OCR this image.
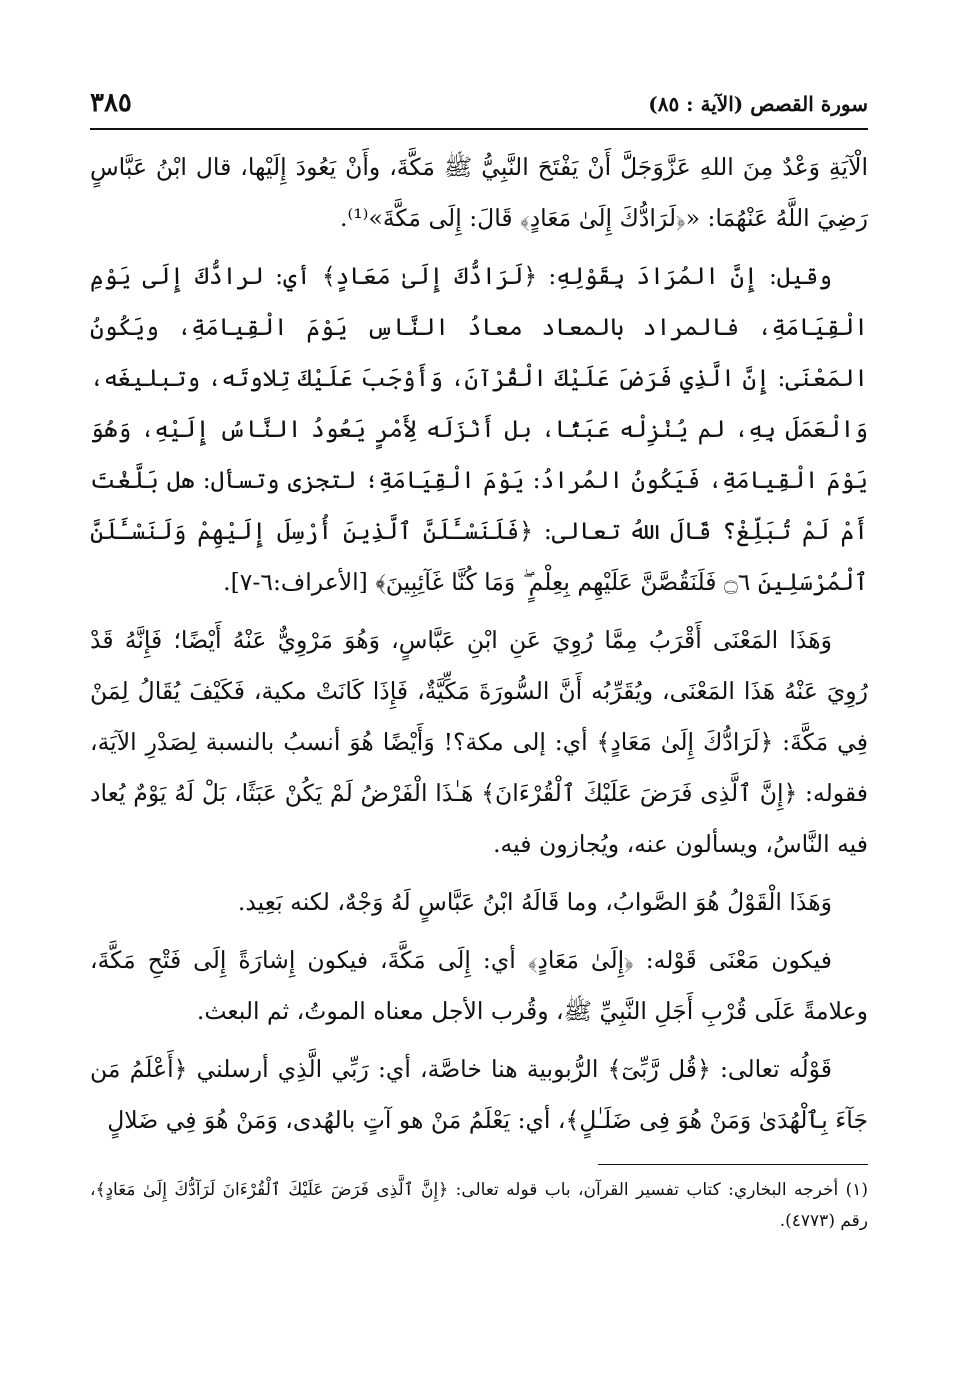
سورة القصص (الآية : ٨٥)
٣٨٥

الْآيَةِ وَعْدٌ مِنَ اللهِ عَزَّوَجَلَّ أَنْ يَفْتَحَ النَّبِيُّ ﷺ مَكَّةَ، وأَنْ يَعُودَ إِلَيْها، قال ابْنُ عَبَّاسٍ رَضِيَ اللَّهُ عَنْهُمَا: «﴿لَرَادُّكَ إِلَىٰ مَعَادٍ﴾ قَالَ: إِلَى مَكَّةَ»⁽¹⁾.

وقيل: إِنَّ المُرَادَ بِقَوْلِهِ: ﴿لَرَادُّكَ إِلَىٰ مَعَادٍ﴾ أي: لرادُّكَ إِلَى يَوْمِ الْقِيَامَةِ، فالمراد بالمعاد معادُ النَّاسِ يَوْمَ الْقِيامَةِ، ويَكُونُ المَعْنَى: إِنَّ الَّذِي فَرَضَ عَلَيْكَ الْقُرْآنَ، وَأَوْجَبَ عَلَيْكَ تِلاوتَه، وتبليغَه، وَالْعَمَلَ بِهِ، لم يُنْزِلْه عَبَثًا، بل أَنْزَلَه لِأَمْرٍ يَعُودُ النَّاسُ إِلَيْهِ، وَهُوَ يَوْمَ الْقِيامَةِ، فَيَكُونُ المُرادُ: يَوْمَ الْقِيَامَةِ؛ لتجزى وتسأل: هل بَلَّغْتَ أَمْ لَمْ تُبَلِّغْ؟ قَالَ اللهُ تعالى: ﴿فَلَنَسْـَٔلَنَّ ٱلَّذِينَ أُرْسِلَ إِلَيْهِمْ وَلَنَسْـَٔلَنَّ ٱلْمُرْسَلِينَ ۝٦ فَلَنَقُصَّنَّ عَلَيْهِم بِعِلْمٍ ۖ وَمَا كُنَّا غَآئِبِينَ﴾ [الأعراف:٦-٧].

وَهَذَا المَعْنَى أَقْرَبُ مِمَّا رُوِيَ عَنِ ابْنِ عَبَّاسٍ، وَهُوَ مَرْوِيٌّ عَنْهُ أَيْضًا؛ فَإِنَّهُ قَدْ رُوِيَ عَنْهُ هَذَا المَعْنَى، ويُقَرِّبُه أَنَّ السُّورَةَ مَكِّيَّةٌ، فَإِذَا كَانَتْ مكية، فَكَيْفَ يُقَالُ لِمَنْ فِي مَكَّةَ: ﴿لَرَادُّكَ إِلَىٰ مَعَادٍ﴾ أي: إلى مكة؟! وَأَيْضًا هُوَ أنسبُ بالنسبة لِصَدْرِ الآيَة، فقوله: ﴿إِنَّ ٱلَّذِى فَرَضَ عَلَيْكَ ٱلْقُرْءَانَ﴾ هَـٰذَا الْفَرْضُ لَمْ يَكُنْ عَبَثًا، بَلْ لَهُ يَوْمٌ يُعاد فيه النَّاسُ، ويسألون عنه، ويُجازون فيه.

وَهَذَا الْقَوْلُ هُوَ الصَّوابُ، وما قَالَهُ ابْنُ عَبَّاسٍ لَهُ وَجْهٌ، لكنه بَعِيد.

فيكون مَعْنَى قَوْله: ﴿إِلَىٰ مَعَادٍ﴾ أي: إِلَى مَكَّةَ، فيكون إِشارَةً إِلَى فَتْحِ مَكَّةَ، وعلامةً عَلَى قُرْبِ أَجَلِ النَّبِيِّ ﷺ، وقُرب الأجل معناه الموتُ، ثم البعث.

قَوْلُه تعالى: ﴿قُل رَّبِّىٓ﴾ الرُّبوبية هنا خاصَّة، أي: رَبِّي الَّذِي أرسلني ﴿أَعْلَمُ مَن جَآءَ بِٱلْهُدَىٰ وَمَنْ هُوَ فِى ضَلَـٰلٍ﴾، أي: يَعْلَمُ مَنْ هو آتٍ بالهُدى، وَمَنْ هُوَ فِي ضَلالٍ

(١) أخرجه البخاري: كتاب تفسير القرآن، باب قوله تعالى: ﴿إِنَّ ٱلَّذِى فَرَضَ عَلَيْكَ ٱلْقُرْءَانَ لَرَآدُّكَ إِلَىٰ مَعَادٍ﴾، رقم (٤٧٧٣).
